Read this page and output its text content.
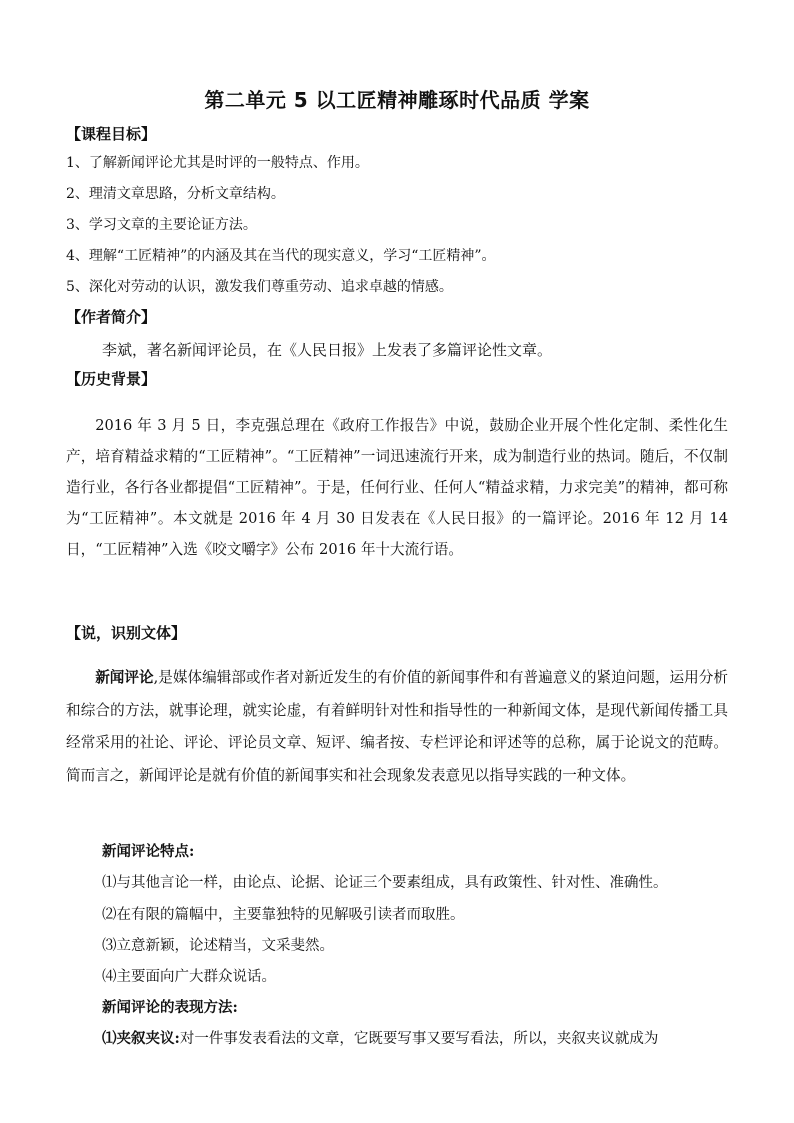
第二单元 5 以工匠精神雕琢时代品质 学案
【课程目标】
1、了解新闻评论尤其是时评的一般特点、作用。
2、理清文章思路，分析文章结构。
3、学习文章的主要论证方法。
4、理解“工匠精神”的内涵及其在当代的现实意义，学习“工匠精神”。
5、深化对劳动的认识，激发我们尊重劳动、追求卓越的情感。
【作者简介】
李斌，著名新闻评论员，在《人民日报》上发表了多篇评论性文章。
【历史背景】
2016 年 3 月 5 日，李克强总理在《政府工作报告》中说，鼓励企业开展个性化定制、柔性化生产，培育精益求精的“工匠精神”。“工匠精神”一词迅速流行开来，成为制造行业的热词。随后，不仅制造行业，各行各业都提倡“工匠精神”。于是，任何行业、任何人“精益求精，力求完美”的精神，都可称为“工匠精神”。本文就是 2016 年 4 月 30 日发表在《人民日报》的一篇评论。2016 年 12 月 14 日，“工匠精神”入选《咬文嚼字》公布 2016 年十大流行语。
【说，识别文体】
新闻评论,是媒体编辑部或作者对新近发生的有价值的新闻事件和有普遍意义的紧迫问题，运用分析和综合的方法，就事论理，就实论虚，有着鲜明针对性和指导性的一种新闻文体，是现代新闻传播工具经常采用的社论、评论、评论员文章、短评、编者按、专栏评论和评述等的总称，属于论说文的范畴。简而言之，新闻评论是就有价值的新闻事实和社会现象发表意见以指导实践的一种文体。
新闻评论特点:
⑴与其他言论一样，由论点、论据、论证三个要素组成，具有政策性、针对性、准确性。
⑵在有限的篇幅中，主要靠独特的见解吸引读者而取胜。
⑶立意新颖，论述精当，文采斐然。
⑷主要面向广大群众说话。
新闻评论的表现方法:
⑴夹叙夹议:对一件事发表看法的文章，它既要写事又要写看法，所以，夹叙夹议就成为
